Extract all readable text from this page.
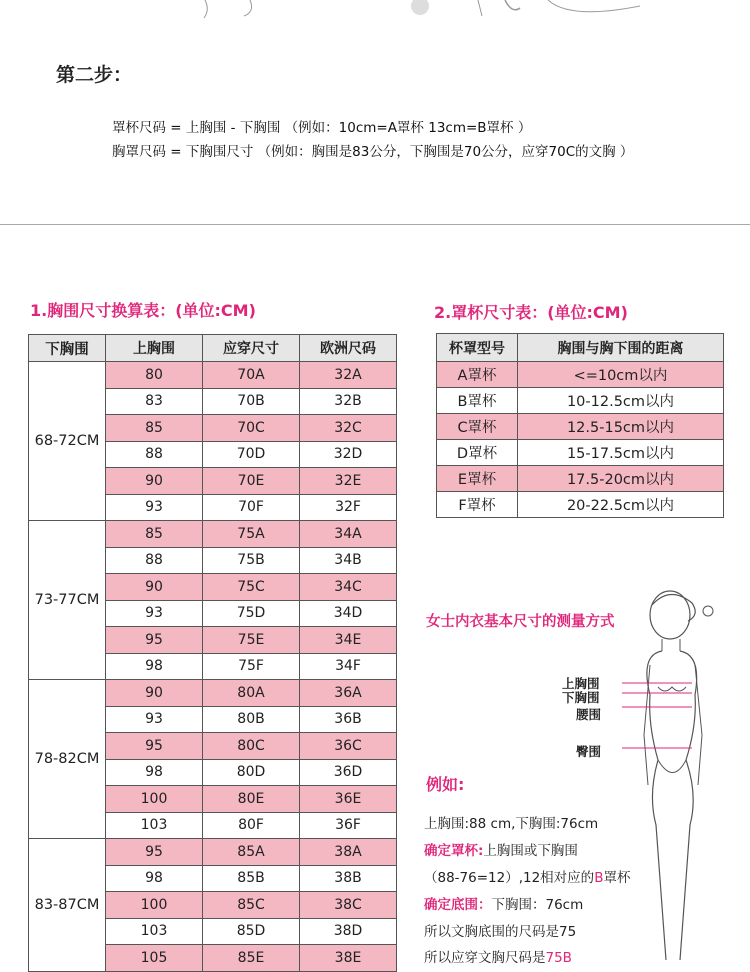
第二步：
罩杯尺码 = 上胸围 - 下胸围 （例如：10cm=A罩杯 13cm=B罩杯 ）
胸罩尺码 = 下胸围尺寸 （例如：胸围是83公分，下胸围是70公分，应穿70C的文胸 ）
1.胸围尺寸换算表：(单位:CM)	2.罩杯尺寸表：(单位:CM)
下胸围	上胸围	应穿尺寸	欧洲尺码
68-72CM	80	70A	32A
	83	70B	32B
	85	70C	32C
	88	70D	32D
	90	70E	32E
	93	70F	32F
73-77CM	85	75A	34A
	88	75B	34B
	90	75C	34C
	93	75D	34D
	95	75E	34E
	98	75F	34F
78-82CM	90	80A	36A
	93	80B	36B
	95	80C	36C
	98	80D	36D
	100	80E	36E
	103	80F	36F
83-87CM	95	85A	38A
	98	85B	38B
	100	85C	38C
	103	85D	38D
	105	85E	38E
杯罩型号	胸围与胸下围的距离
A罩杯	<=10cm以内
B罩杯	10-12.5cm以内
C罩杯	12.5-15cm以内
D罩杯	15-17.5cm以内
E罩杯	17.5-20cm以内
F罩杯	20-22.5cm以内
女士内衣基本尺寸的测量方式
上胸围
下胸围
腰围
臀围
例如:
上胸围:88 cm,下胸围:76cm
确定罩杯:上胸围或下胸围
（88-76=12）,12相对应的B罩杯
确定底围：下胸围：76cm
所以文胸底围的尺码是75
所以应穿文胸尺码是75B
